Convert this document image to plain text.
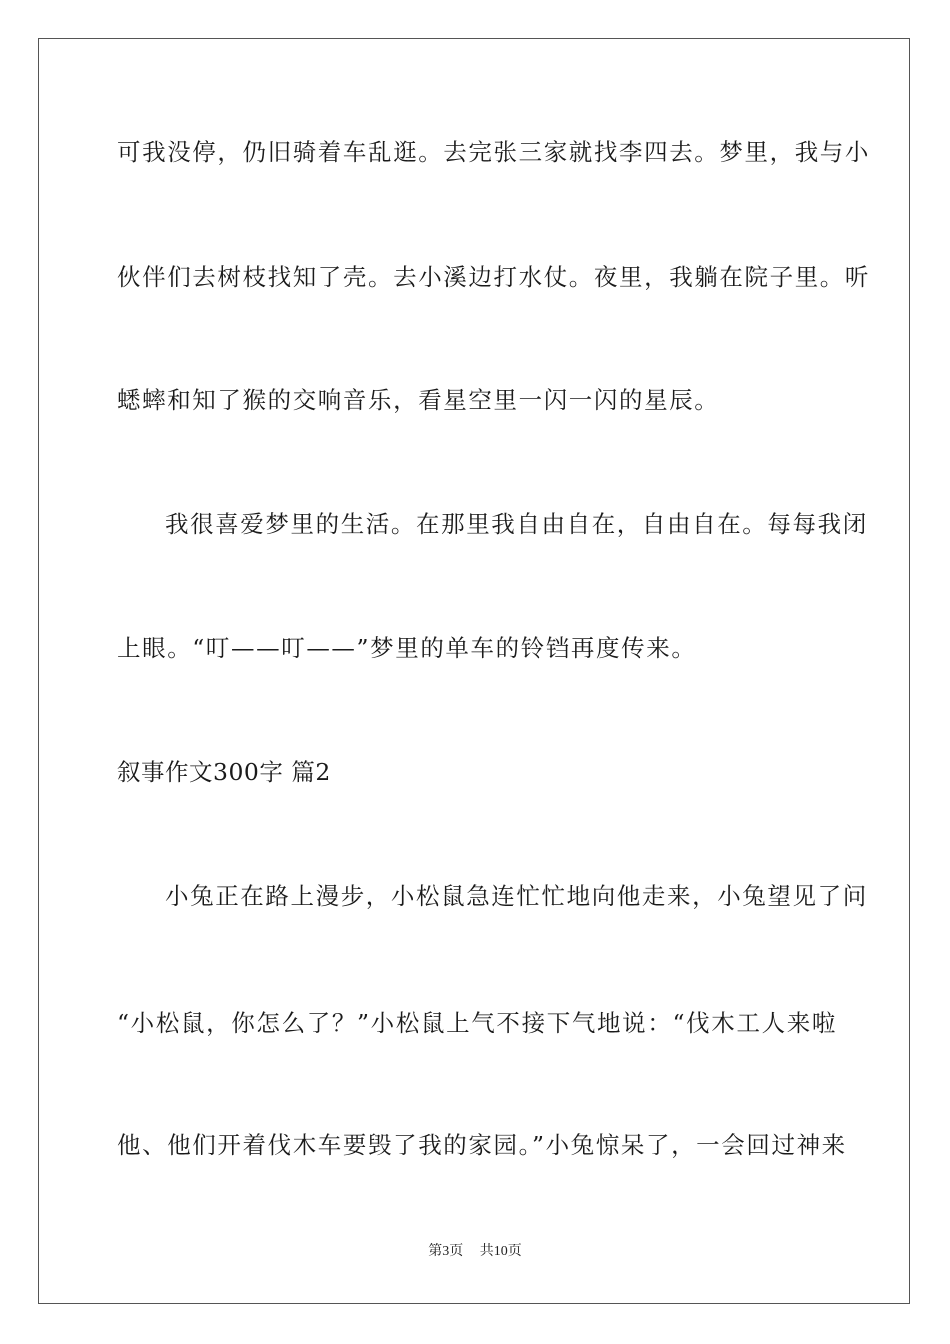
可我没停，仍旧骑着车乱逛。去完张三家就找李四去。梦里，我与小
伙伴们去树枝找知了壳。去小溪边打水仗。夜里，我躺在院子里。听
蟋蟀和知了猴的交响音乐，看星空里一闪一闪的星辰。
我很喜爱梦里的生活。在那里我自由自在，自由自在。每每我闭
上眼。“叮——叮——”梦里的单车的铃铛再度传来。
叙事作文300字 篇2
小兔正在路上漫步，小松鼠急连忙忙地向他走来，小兔望见了问
“小松鼠，你怎么了？”小松鼠上气不接下气地说：“伐木工人来啦
他、他们开着伐木车要毁了我的家园。”小兔惊呆了，一会回过神来
第3页 共10页
